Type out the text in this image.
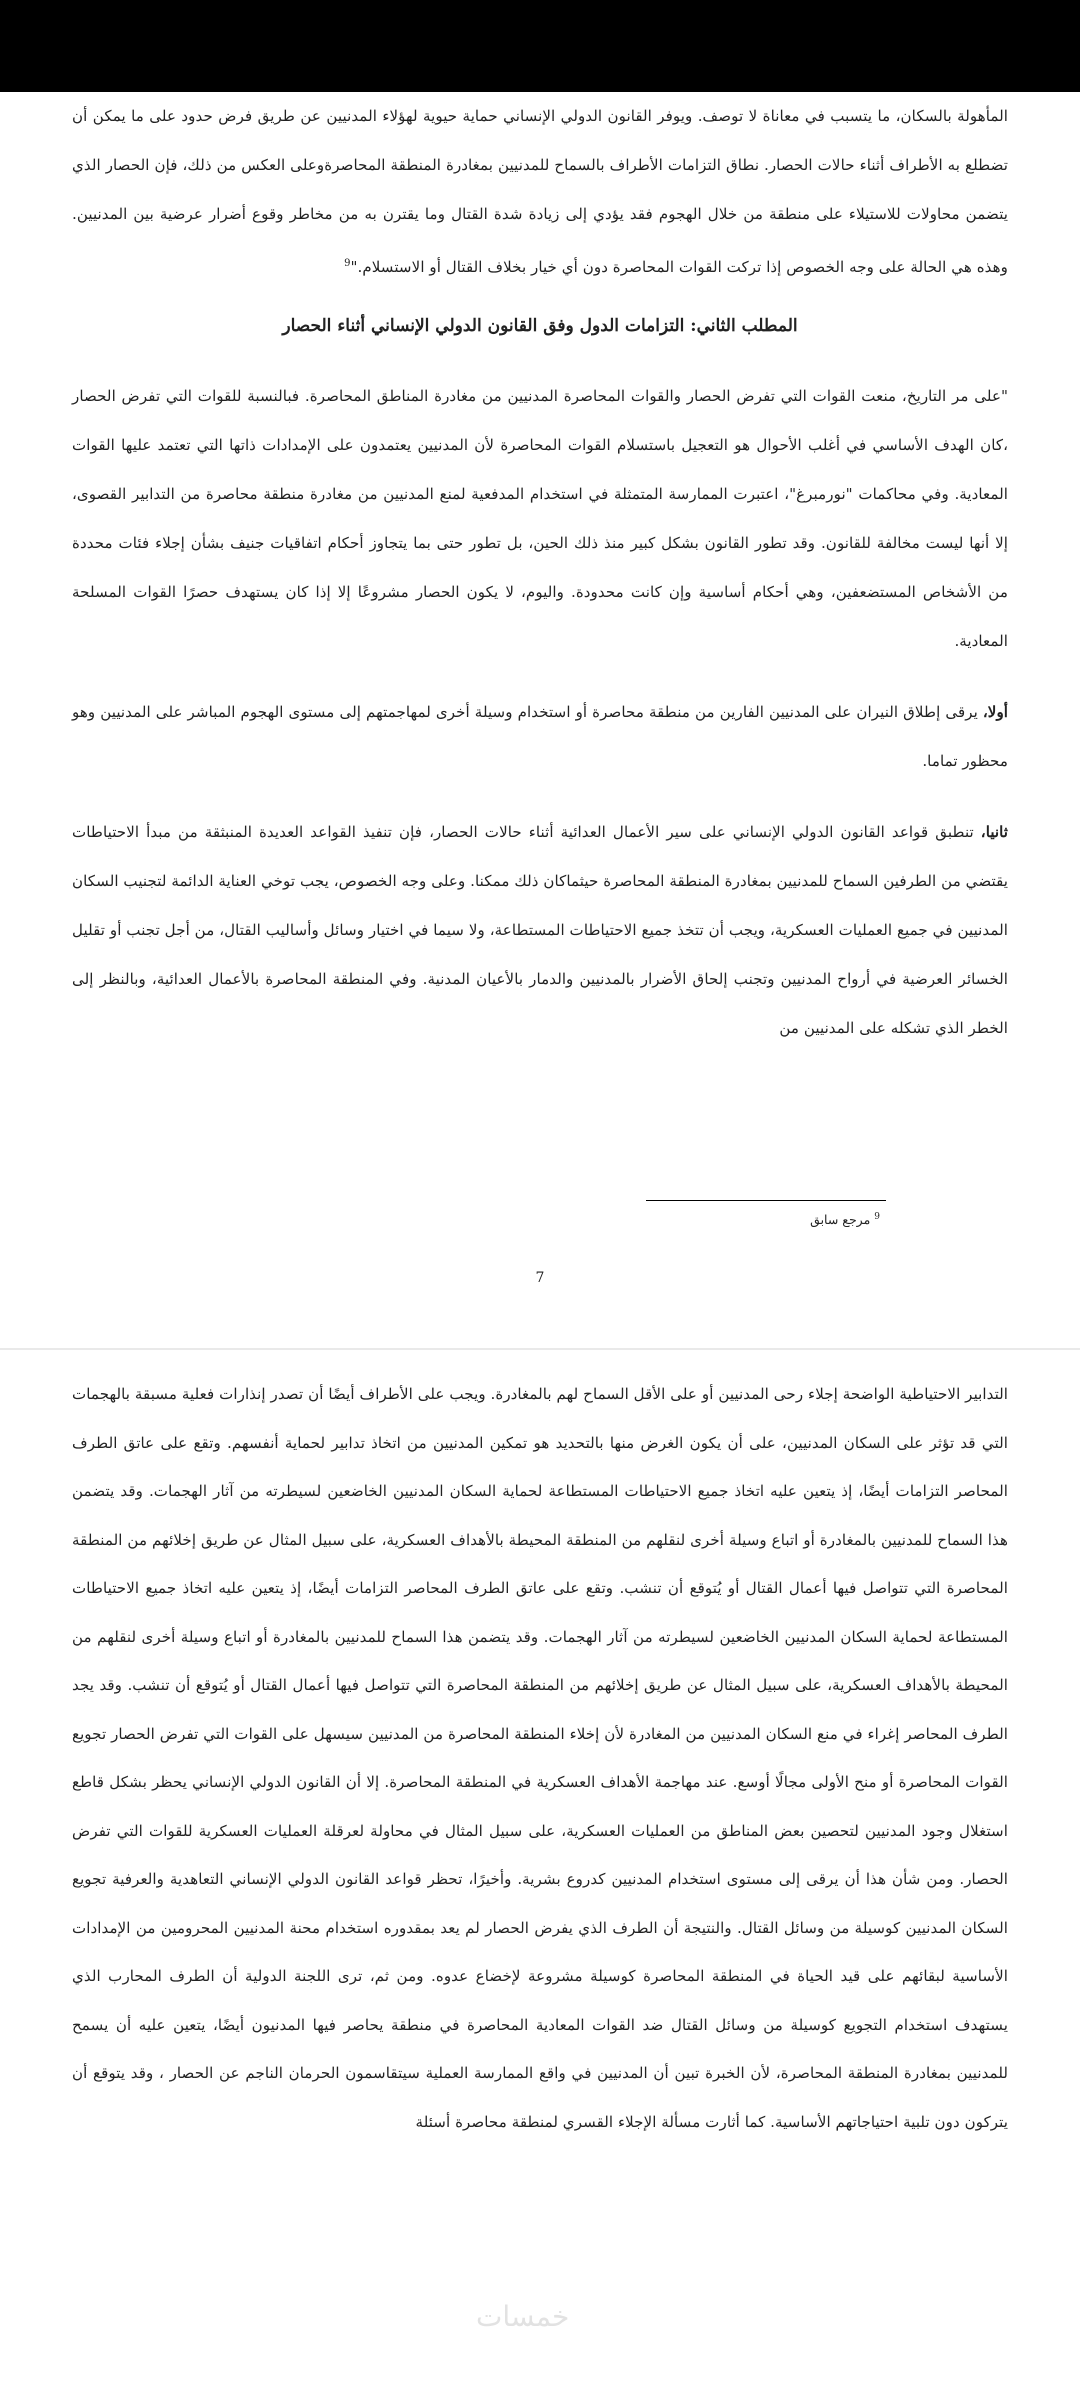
المأهولة بالسكان، ما يتسبب في معاناة لا توصف. ويوفر القانون الدولي الإنساني حماية حيوية لهؤلاء المدنيين عن طريق فرض حدود على ما يمكن أن تضطلع به الأطراف أثناء حالات الحصار. نطاق التزامات الأطراف بالسماح للمدنيين بمغادرة المنطقة المحاصرةوعلى العكس من ذلك، فإن الحصار الذي يتضمن محاولات للاستيلاء على منطقة من خلال الهجوم فقد يؤدي إلى زيادة شدة القتال وما يقترن به من مخاطر وقوع أضرار عرضية بين المدنيين. وهذه هي الحالة على وجه الخصوص إذا تركت القوات المحاصرة دون أي خيار بخلاف القتال أو الاستسلام."$^9$

المطلب الثاني: التزامات الدول وفق القانون الدولي الإنساني أثناء الحصار

"على مر التاريخ، منعت القوات التي تفرض الحصار والقوات المحاصرة المدنيين من مغادرة المناطق المحاصرة. فبالنسبة للقوات التي تفرض الحصار ،كان الهدف الأساسي في أغلب الأحوال هو التعجيل باستسلام القوات المحاصرة لأن المدنيين يعتمدون على الإمدادات ذاتها التي تعتمد عليها القوات المعادية. وفي محاكمات "نورمبرغ"، اعتبرت الممارسة المتمثلة في استخدام المدفعية لمنع المدنيين من مغادرة منطقة محاصرة من التدابير القصوى، إلا أنها ليست مخالفة للقانون. وقد تطور القانون بشكل كبير منذ ذلك الحين، بل تطور حتى بما يتجاوز أحكام اتفاقيات جنيف بشأن إجلاء فئات محددة من الأشخاص المستضعفين، وهي أحكام أساسية وإن كانت محدودة. واليوم، لا يكون الحصار مشروعًا إلا إذا كان يستهدف حصرًا القوات المسلحة المعادية.

أولا، يرقى إطلاق النيران على المدنيين الفارين من منطقة محاصرة أو استخدام وسيلة أخرى لمهاجمتهم إلى مستوى الهجوم المباشر على المدنيين وهو محظور تماما.

ثانيا، تنطبق قواعد القانون الدولي الإنساني على سير الأعمال العدائية أثناء حالات الحصار، فإن تنفيذ القواعد العديدة المنبثقة من مبدأ الاحتياطات يقتضي من الطرفين السماح للمدنيين بمغادرة المنطقة المحاصرة حيثماكان ذلك ممكنا. وعلى وجه الخصوص، يجب توخي العناية الدائمة لتجنيب السكان المدنيين في جميع العمليات العسكرية، ويجب أن تتخذ جميع الاحتياطات المستطاعة، ولا سيما في اختيار وسائل وأساليب القتال، من أجل تجنب أو تقليل الخسائر العرضية في أرواح المدنيين وتجنب إلحاق الأضرار بالمدنيين والدمار بالأعيان المدنية. وفي المنطقة المحاصرة بالأعمال العدائية، وبالنظر إلى الخطر الذي تشكله على المدنيين من

$^9$ مرجع سابق
7

التدابير الاحتياطية الواضحة إجلاء رحى المدنيين أو على الأقل السماح لهم بالمغادرة. ويجب على الأطراف أيضًا أن تصدر إنذارات فعلية مسبقة بالهجمات التي قد تؤثر على السكان المدنيين، على أن يكون الغرض منها بالتحديد هو تمكين المدنيين من اتخاذ تدابير لحماية أنفسهم. وتقع على عاتق الطرف المحاصر التزامات أيضًا، إذ يتعين عليه اتخاذ جميع الاحتياطات المستطاعة لحماية السكان المدنيين الخاضعين لسيطرته من آثار الهجمات. وقد يتضمن هذا السماح للمدنيين بالمغادرة أو اتباع وسيلة أخرى لنقلهم من المنطقة المحيطة بالأهداف العسكرية، على سبيل المثال عن طريق إخلائهم من المنطقة المحاصرة التي تتواصل فيها أعمال القتال أو يُتوقع أن تنشب. وتقع على عاتق الطرف المحاصر التزامات أيضًا، إذ يتعين عليه اتخاذ جميع الاحتياطات المستطاعة لحماية السكان المدنيين الخاضعين لسيطرته من آثار الهجمات. وقد يتضمن هذا السماح للمدنيين بالمغادرة أو اتباع وسيلة أخرى لنقلهم من المحيطة بالأهداف العسكرية، على سبيل المثال عن طريق إخلائهم من المنطقة المحاصرة التي تتواصل فيها أعمال القتال أو يُتوقع أن تنشب. وقد يجد الطرف المحاصر إغراء في منع السكان المدنيين من المغادرة لأن إخلاء المنطقة المحاصرة من المدنيين سيسهل على القوات التي تفرض الحصار تجويع القوات المحاصرة أو منح الأولى مجالًا أوسع. عند مهاجمة الأهداف العسكرية في المنطقة المحاصرة. إلا أن القانون الدولي الإنساني يحظر بشكل قاطع استغلال وجود المدنيين لتحصين بعض المناطق من العمليات العسكرية، على سبيل المثال في محاولة لعرقلة العمليات العسكرية للقوات التي تفرض الحصار. ومن شأن هذا أن يرقى إلى مستوى استخدام المدنيين كدروع بشرية. وأخيرًا، تحظر قواعد القانون الدولي الإنساني التعاهدية والعرفية تجويع السكان المدنيين كوسيلة من وسائل القتال. والنتيجة أن الطرف الذي يفرض الحصار لم يعد بمقدوره استخدام محنة المدنيين المحرومين من الإمدادات الأساسية لبقائهم على قيد الحياة في المنطقة المحاصرة كوسيلة مشروعة لإخضاع عدوه. ومن ثم، ترى اللجنة الدولية أن الطرف المحارب الذي يستهدف استخدام التجويع كوسيلة من وسائل القتال ضد القوات المعادية المحاصرة في منطقة يحاصر فيها المدنيون أيضًا، يتعين عليه أن يسمح للمدنيين بمغادرة المنطقة المحاصرة، لأن الخبرة تبين أن المدنيين في واقع الممارسة العملية سيتقاسمون الحرمان الناجم عن الحصار ، وقد يتوقع أن يتركون دون تلبية احتياجاتهم الأساسية. كما أثارت مسألة الإجلاء القسري لمنطقة محاصرة أسئلة

خمسات
